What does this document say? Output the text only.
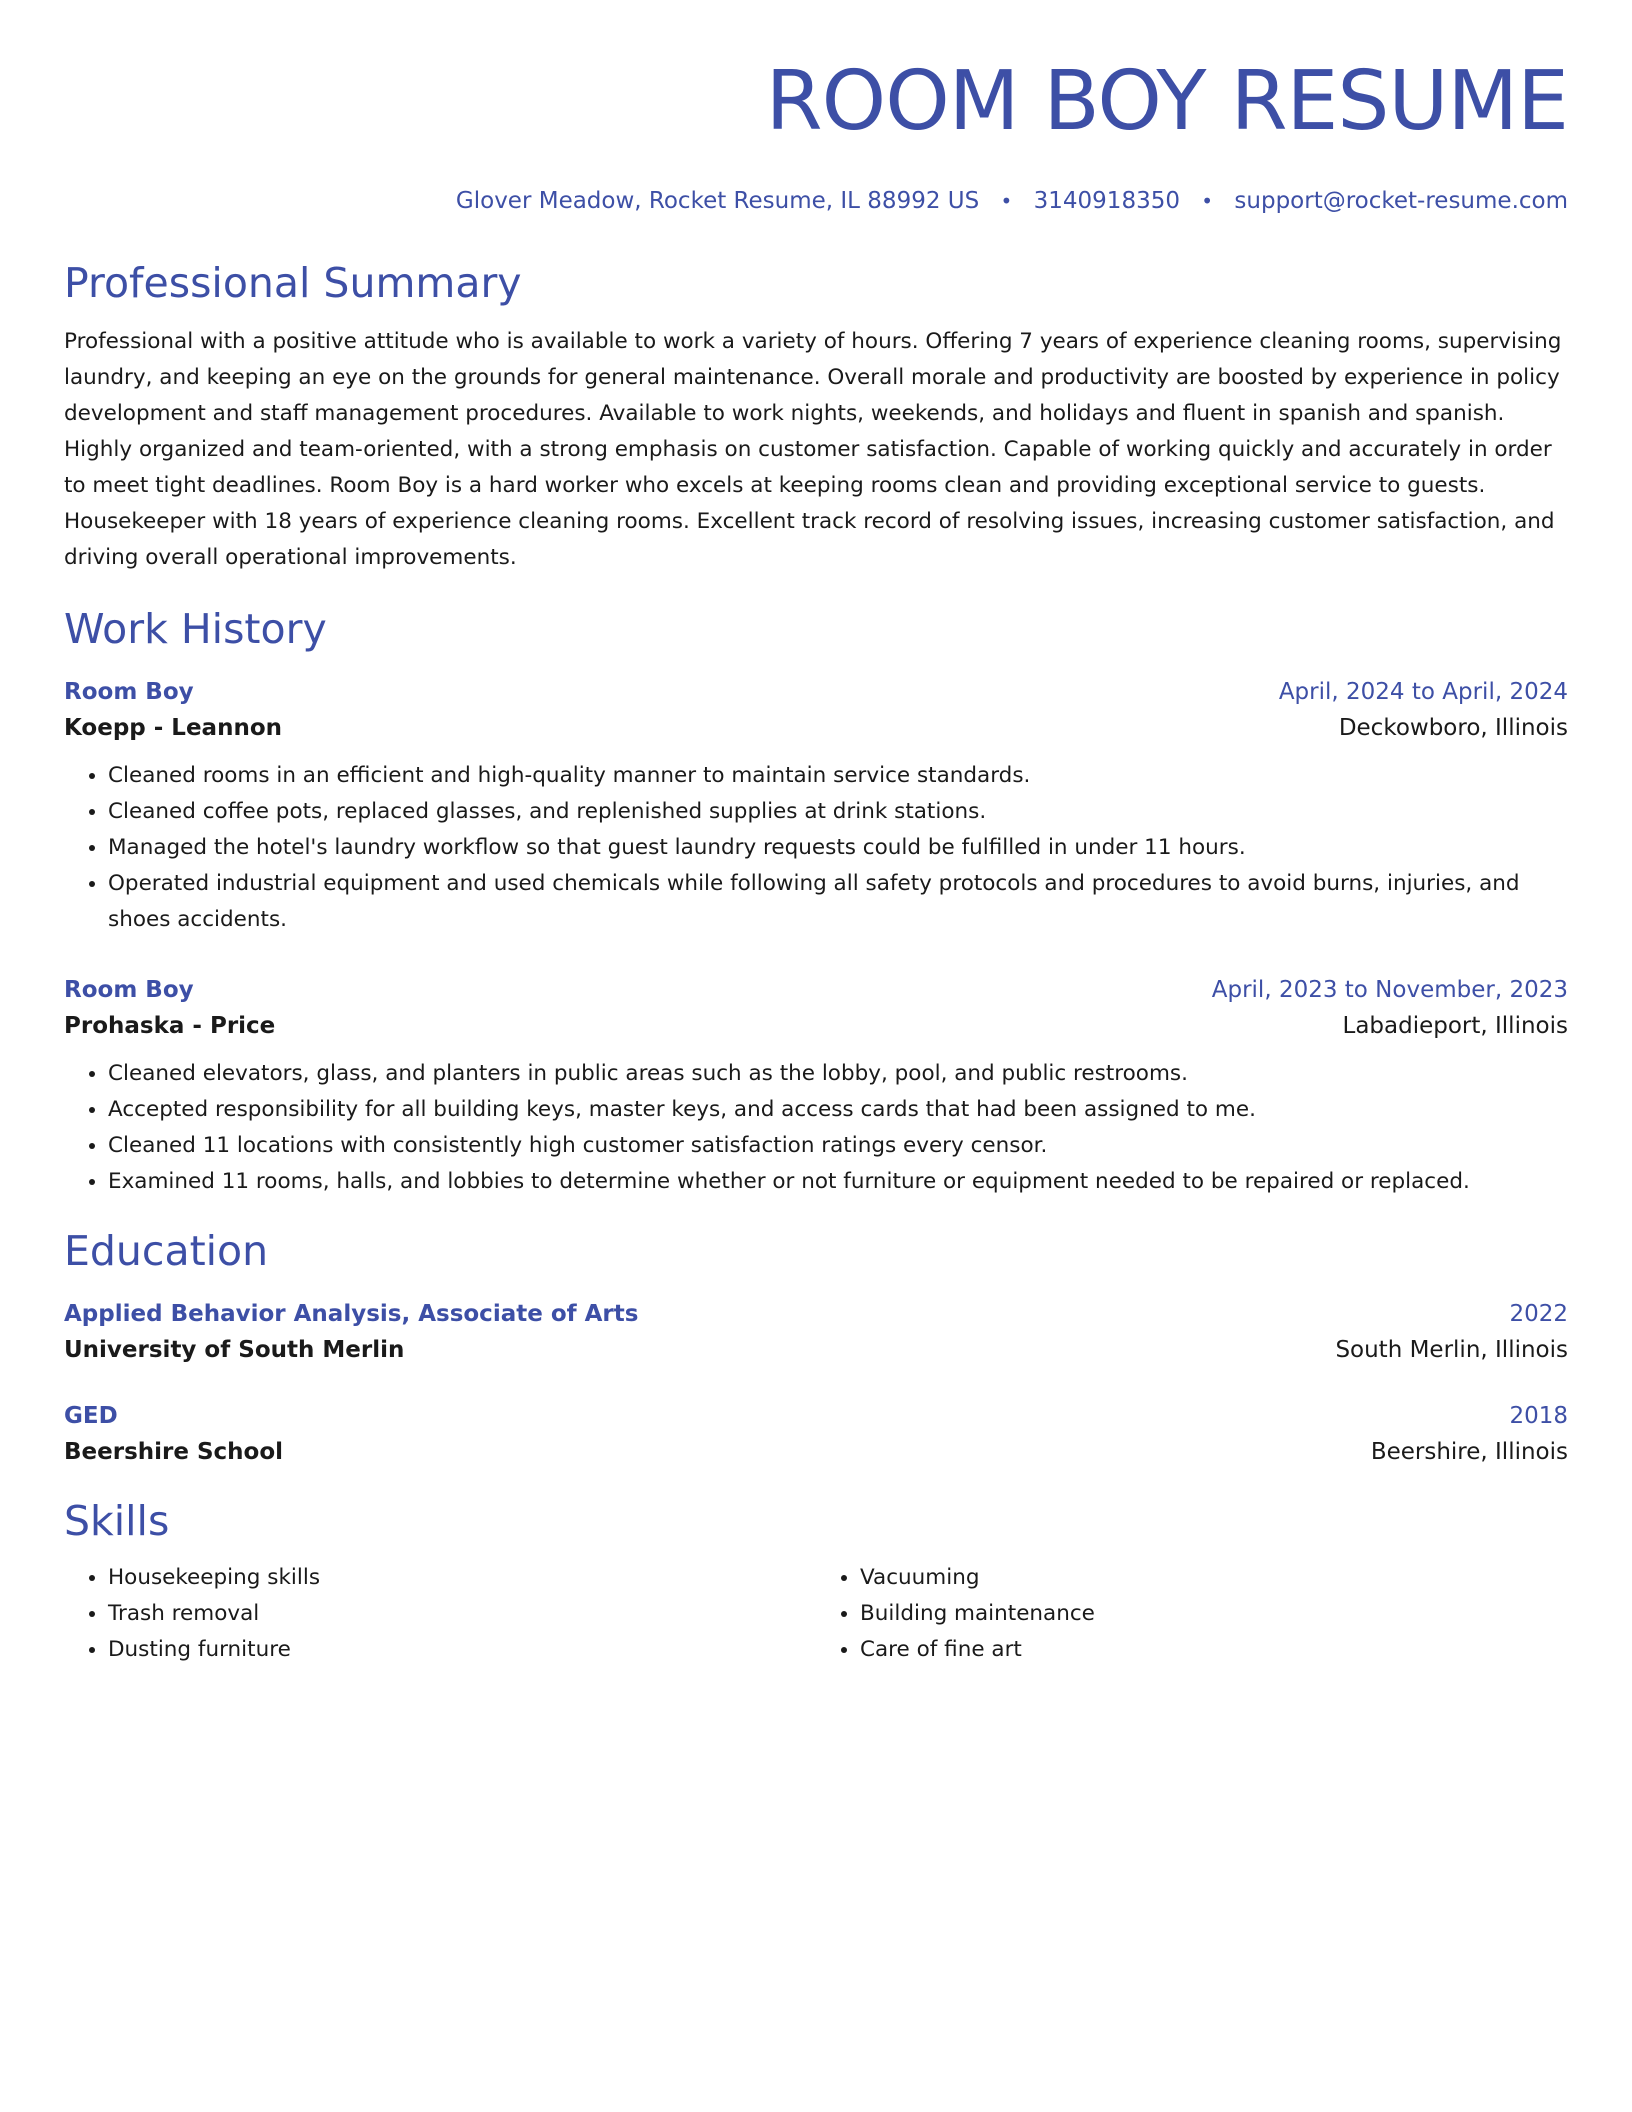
ROOM BOY RESUME
Glover Meadow, Rocket Resume, IL 88992 US • 3140918350 • support@rocket-resume.com
Professional Summary
Professional with a positive attitude who is available to work a variety of hours. Offering 7 years of experience cleaning rooms, supervising laundry, and keeping an eye on the grounds for general maintenance. Overall morale and productivity are boosted by experience in policy development and staff management procedures. Available to work nights, weekends, and holidays and fluent in spanish and spanish. Highly organized and team-oriented, with a strong emphasis on customer satisfaction. Capable of working quickly and accurately in order to meet tight deadlines. Room Boy is a hard worker who excels at keeping rooms clean and providing exceptional service to guests. Housekeeper with 18 years of experience cleaning rooms. Excellent track record of resolving issues, increasing customer satisfaction, and driving overall operational improvements.
Work History
Room Boy	April, 2024 to April, 2024
Koepp - Leannon	Deckowboro, Illinois
• Cleaned rooms in an efficient and high-quality manner to maintain service standards.
• Cleaned coffee pots, replaced glasses, and replenished supplies at drink stations.
• Managed the hotel's laundry workflow so that guest laundry requests could be fulfilled in under 11 hours.
• Operated industrial equipment and used chemicals while following all safety protocols and procedures to avoid burns, injuries, and shoes accidents.
Room Boy	April, 2023 to November, 2023
Prohaska - Price	Labadieport, Illinois
• Cleaned elevators, glass, and planters in public areas such as the lobby, pool, and public restrooms.
• Accepted responsibility for all building keys, master keys, and access cards that had been assigned to me.
• Cleaned 11 locations with consistently high customer satisfaction ratings every censor.
• Examined 11 rooms, halls, and lobbies to determine whether or not furniture or equipment needed to be repaired or replaced.
Education
Applied Behavior Analysis, Associate of Arts	2022
University of South Merlin	South Merlin, Illinois
GED	2018
Beershire School	Beershire, Illinois
Skills
• Housekeeping skills
• Trash removal
• Dusting furniture
• Vacuuming
• Building maintenance
• Care of fine art
